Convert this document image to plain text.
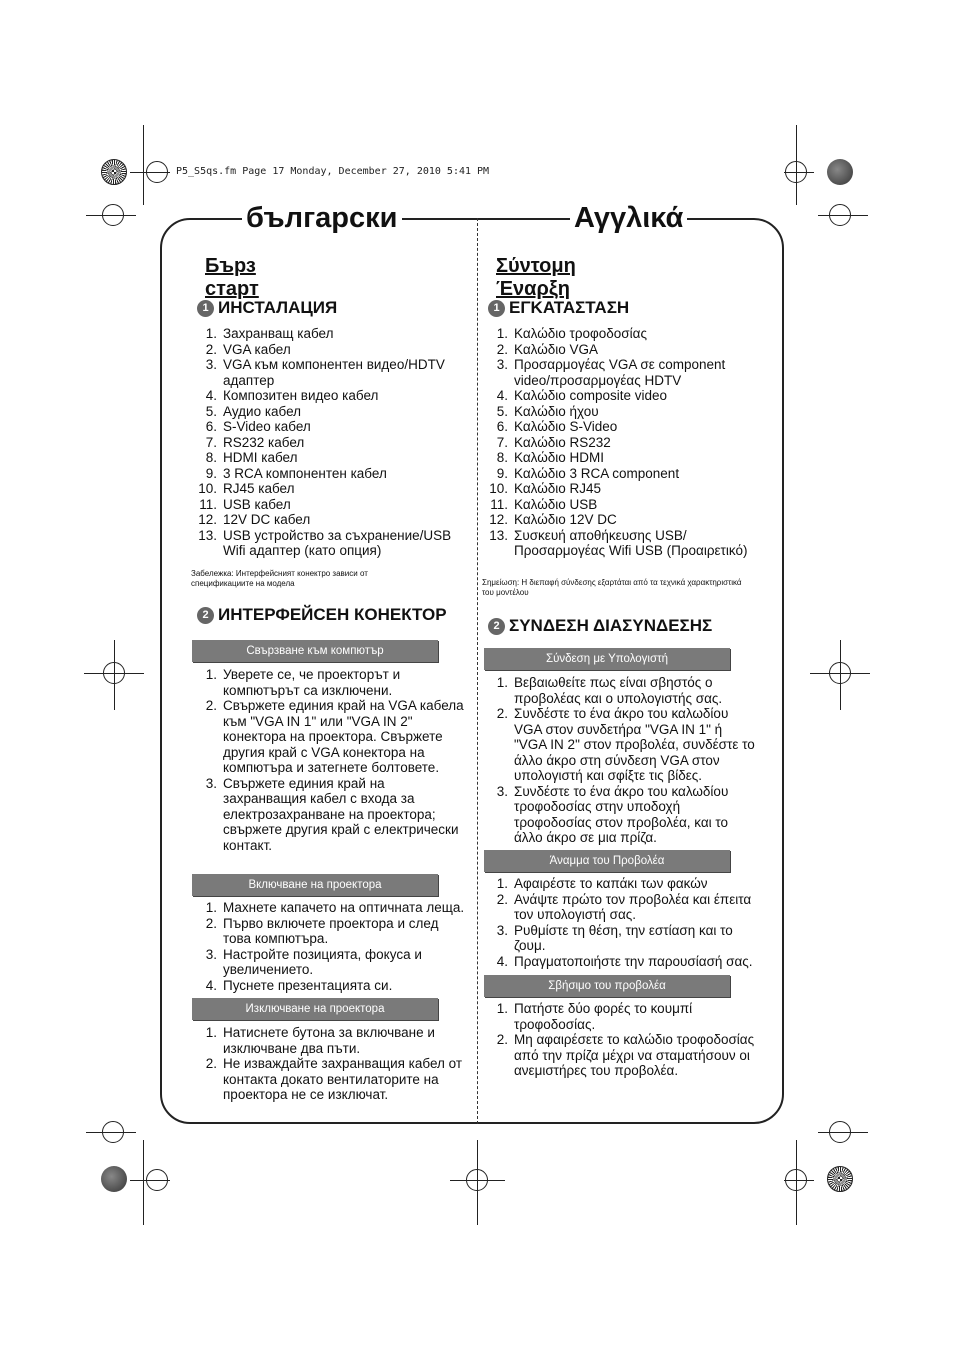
P5_S5qs.fm Page 17 Monday, December 27, 2010 5:41 PM
български	Αγγλικά
Бърз старт
1 ИНСТАЛАЦИЯ
1. Захранващ кабел
2. VGA кабел
3. VGA към компонентен видео/HDTV адаптер
4. Композитен видео кабел
5. Аудио кабел
6. S-Video кабел
7. RS232 кабел
8. HDMI кабел
9. 3 RCA компонентен кабел
10. RJ45 кабел
11. USB кабел
12. 12V DC кабел
13. USB устройство за съхранение/USB Wifi адаптер (като опция)
Забележка: Интерфейсният конектро зависи от спецификациите на модела
2 ИНТЕРФЕЙСЕН КОНЕКТОР
Свързване към компютър
1. Уверете се, че проекторът и компютърът са изключени.
2. Свържете единия край на VGA кабела към "VGA IN 1" или "VGA IN 2" конектора на проектора. Свържете другия край с VGA конектора на компютъра и затегнете болтовете.
3. Свържете единия край на захранващия кабел с входа за електрозахранване на проектора; свържете другия край с електрически контакт.
Включване на проектора
1. Махнете капачето на оптичната леща.
2. Първо включете проектора и след това компютъра.
3. Настройте позицията, фокуса и увеличението.
4. Пуснете презентацията си.
Изключване на проектора
1. Натиснете бутона за включване и изключване два пъти.
2. Не изваждайте захранващия кабел от контакта докато вентилаторите на проектора не се изключат.
Σύντομη Έναρξη
1 ΕΓΚΑΤΑΣΤΑΣΗ
1. Καλώδιο τροφοδοσίας
2. Καλώδιο VGA
3. Προσαρμογέας VGA σε component video/προσαρμογέας HDTV
4. Καλώδιο composite video
5. Καλώδιο ήχου
6. Καλώδιο S-Video
7. Καλώδιο RS232
8. Καλώδιο HDMI
9. Καλώδιο 3 RCA component
10. Καλώδιο RJ45
11. Καλώδιο USB
12. Καλώδιο 12V DC
13. Συσκευή αποθήκευσης USB/ Προσαρμογέας Wifi USB (Προαιρετικό)
Σημείωση: Η διεπαφή σύνδεσης εξαρτάται από τα τεχνικά χαρακτηριστικά του μοντέλου
2 ΣΥΝΔΕΣΗ ΔΙΑΣΥΝΔΕΣΗΣ
Σύνδεση με Υπολογιστή
1. Βεβαιωθείτε πως είναι σβηστός ο προβολέας και ο υπολογιστής σας.
2. Συνδέστε το ένα άκρο του καλωδίου VGA στον συνδετήρα "VGA IN 1" ή "VGA IN 2" στον προβολέα, συνδέστε το άλλο άκρο στη σύνδεση VGA στον υπολογιστή και σφίξτε τις βίδες.
3. Συνδέστε το ένα άκρο του καλωδίου τροφοδοσίας στην υποδοχή τροφοδοσίας στον προβολέα, και το άλλο άκρο σε μια πρίζα.
Άναμμα του Προβολέα
1. Αφαιρέστε το καπάκι των φακών
2. Ανάψτε πρώτο τον προβολέα και έπειτα τον υπολογιστή σας.
3. Ρυθμίστε τη θέση, την εστίαση και το ζουμ.
4. Πραγματοποιήστε την παρουσίασή σας.
Σβήσιμο του προβολέα
1. Πατήστε δύο φορές το κουμπί τροφοδοσίας.
2. Μη αφαιρέσετε το καλώδιο τροφοδοσίας από την πρίζα μέχρι να σταματήσουν οι ανεμιστήρες του προβολέα.
